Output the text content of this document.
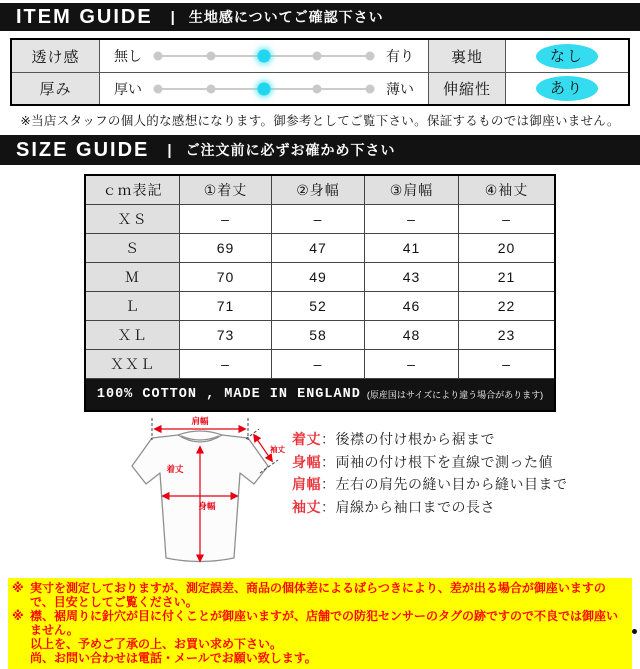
ITEM GUIDE | 生地感についてご確認下さい
透け感	無し	有り	裏地	なし
厚み	厚い	薄い	伸縮性	あり
※当店スタッフの個人的な感想になります。御参考としてご覧下さい。保証するものでは御座いません。
SIZE GUIDE | ご注文前に必ずお確かめ下さい
ｃｍ表記	①着丈	②身幅	③肩幅	④袖丈
ＸＳ	–	–	–	–
Ｓ	69	47	41	20
Ｍ	70	49	43	21
Ｌ	71	52	46	22
ＸＬ	73	58	48	23
ＸＸＬ	–	–	–	–
100% COTTON , MADE IN ENGLAND (原産国はサイズにより違う場合があります)
肩幅
着丈
身幅
袖丈
着丈：後襟の付け根から裾まで
身幅：両袖の付け根下を直線で測った値
肩幅：左右の肩先の縫い目から縫い目まで
袖丈：肩線から袖口までの長さ
※ 実寸を測定しておりますが、測定誤差、商品の個体差によるばらつきにより、差が出る場合が御座いますので、目安としてご覧ください。
※ 襟、裾周りに針穴が目に付くことが御座いますが、店舗での防犯センサーのタグの跡ですので不良では御座いません。
以上を、予めご了承の上、お買い求め下さい。
尚、お問い合わせは電話・メールでお願い致します。
